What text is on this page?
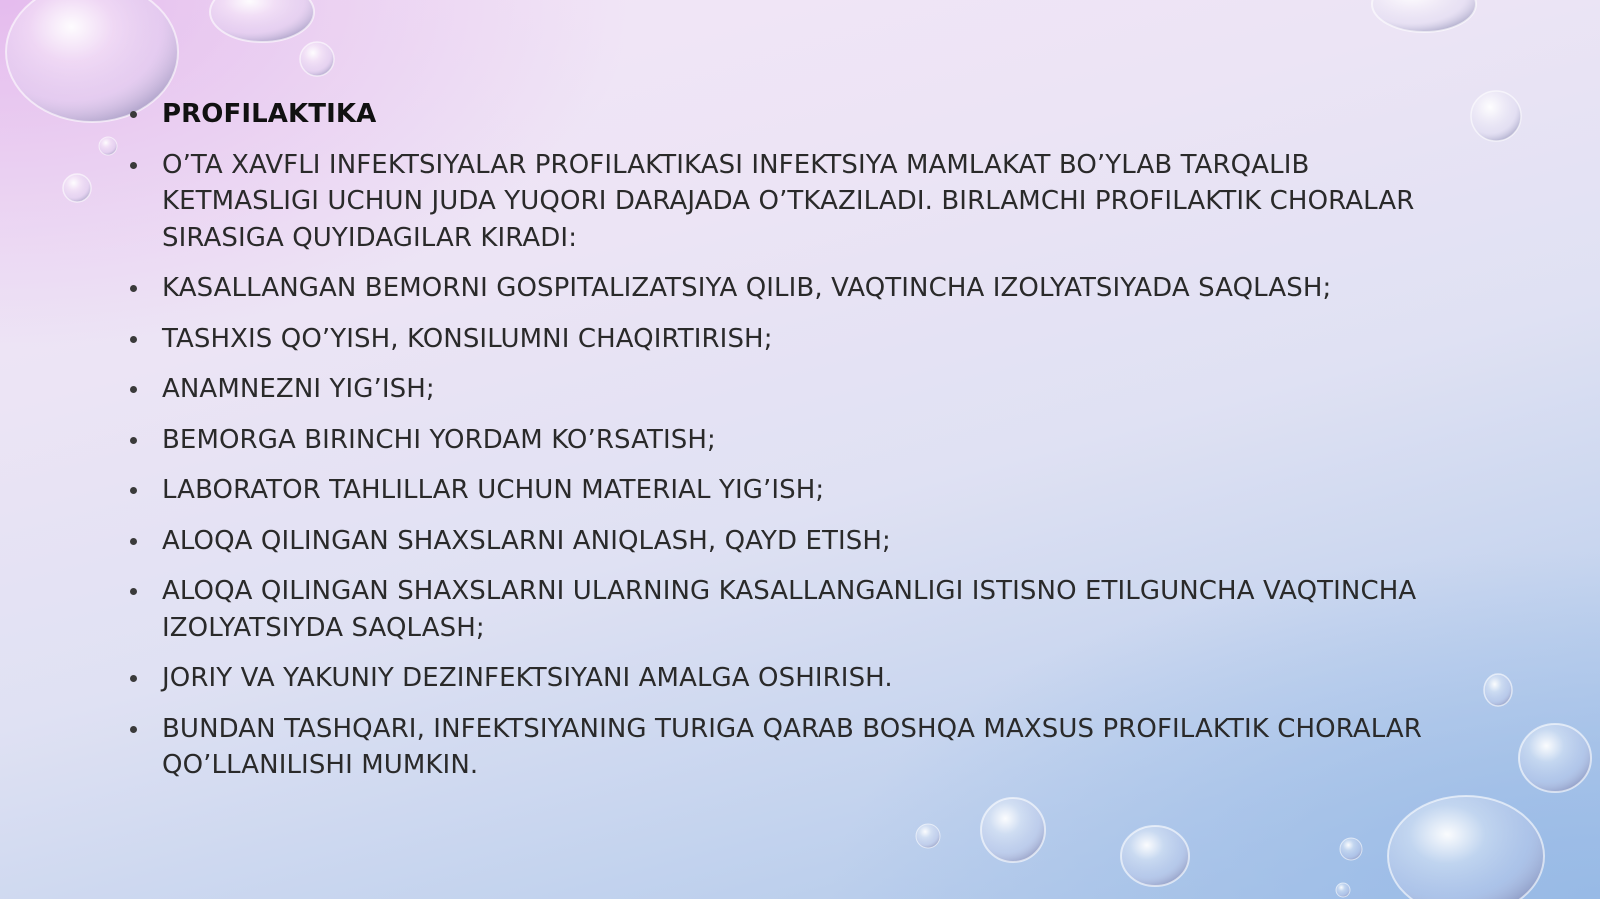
PROFILAKTIKA
O’TA XAVFLI INFEKTSIYALAR PROFILAKTIKASI INFEKTSIYA MAMLAKAT BO’YLAB TARQALIB KETMASLIGI UCHUN JUDA YUQORI DARAJADA O’TKAZILADI. BIRLAMCHI PROFILAKTIK CHORALAR SIRASIGA QUYIDAGILAR KIRADI:
KASALLANGAN BEMORNI GOSPITALIZATSIYA QILIB, VAQTINCHA IZOLYATSIYADA SAQLASH;
TASHXIS QO’YISH, KONSILUMNI CHAQIRTIRISH;
ANAMNEZNI YIG’ISH;
BEMORGA BIRINCHI YORDAM KO’RSATISH;
LABORATOR TAHLILLAR UCHUN MATERIAL YIG’ISH;
ALOQA QILINGAN SHAXSLARNI ANIQLASH, QAYD ETISH;
ALOQA QILINGAN SHAXSLARNI ULARNING KASALLANGANLIGI ISTISNO ETILGUNCHA VAQTINCHA IZOLYATSIYDA SAQLASH;
JORIY VA YAKUNIY DEZINFEKTSIYANI AMALGA OSHIRISH.
BUNDAN TASHQARI, INFEKTSIYANING TURIGA QARAB BOSHQA MAXSUS PROFILAKTIK CHORALAR QO’LLANILISHI MUMKIN.
